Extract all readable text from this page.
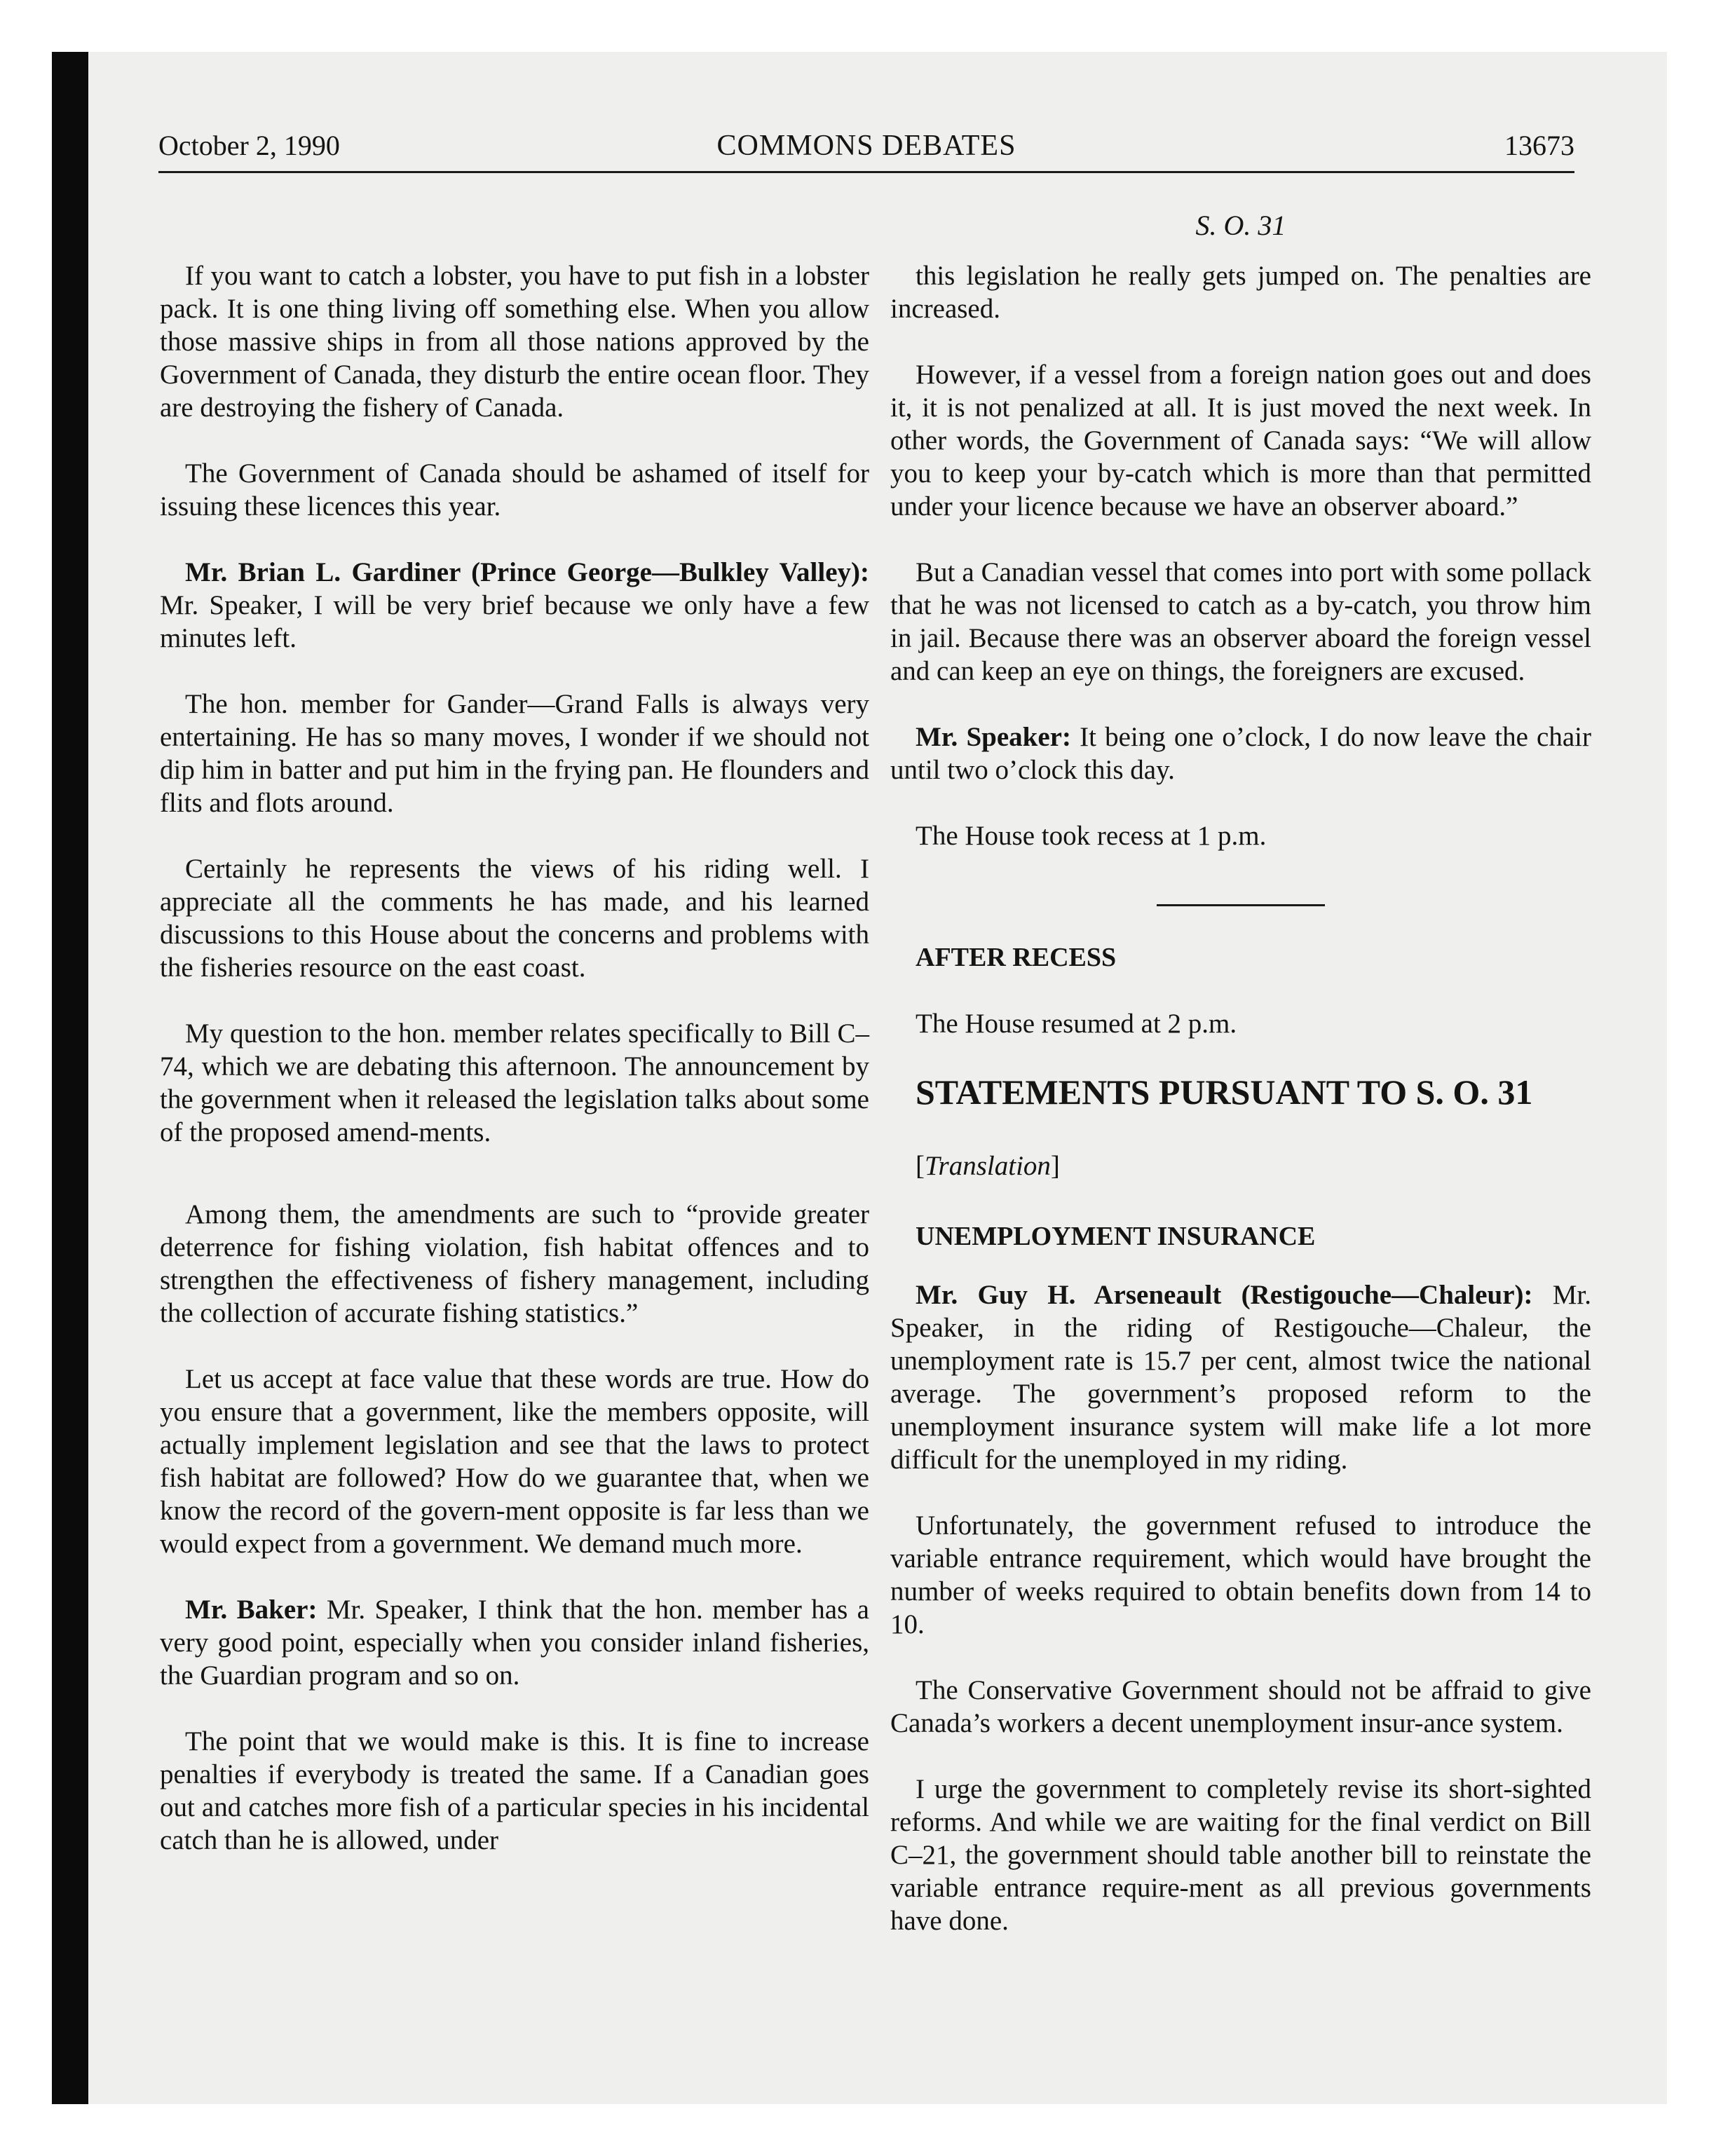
October 2, 1990	COMMONS DEBATES	13673
S. O. 31

If you want to catch a lobster, you have to put fish in a lobster pack. It is one thing living off something else. When you allow those massive ships in from all those nations approved by the Government of Canada, they disturb the entire ocean floor. They are destroying the fishery of Canada.

The Government of Canada should be ashamed of itself for issuing these licences this year.

Mr. Brian L. Gardiner (Prince George—Bulkley Valley): Mr. Speaker, I will be very brief because we only have a few minutes left.

The hon. member for Gander—Grand Falls is always very entertaining. He has so many moves, I wonder if we should not dip him in batter and put him in the frying pan. He flounders and flits and flots around.

Certainly he represents the views of his riding well. I appreciate all the comments he has made, and his learned discussions to this House about the concerns and problems with the fisheries resource on the east coast.

My question to the hon. member relates specifically to Bill C–74, which we are debating this afternoon. The announcement by the government when it released the legislation talks about some of the proposed amend-ments.

Among them, the amendments are such to “provide greater deterrence for fishing violation, fish habitat offences and to strengthen the effectiveness of fishery management, including the collection of accurate fishing statistics.”

Let us accept at face value that these words are true. How do you ensure that a government, like the members opposite, will actually implement legislation and see that the laws to protect fish habitat are followed? How do we guarantee that, when we know the record of the govern-ment opposite is far less than we would expect from a government. We demand much more.

Mr. Baker: Mr. Speaker, I think that the hon. member has a very good point, especially when you consider inland fisheries, the Guardian program and so on.

The point that we would make is this. It is fine to increase penalties if everybody is treated the same. If a Canadian goes out and catches more fish of a particular species in his incidental catch than he is allowed, under

this legislation he really gets jumped on. The penalties are increased.

However, if a vessel from a foreign nation goes out and does it, it is not penalized at all. It is just moved the next week. In other words, the Government of Canada says: “We will allow you to keep your by-catch which is more than that permitted under your licence because we have an observer aboard.”

But a Canadian vessel that comes into port with some pollack that he was not licensed to catch as a by-catch, you throw him in jail. Because there was an observer aboard the foreign vessel and can keep an eye on things, the foreigners are excused.

Mr. Speaker: It being one o’clock, I do now leave the chair until two o’clock this day.

The House took recess at 1 p.m.

AFTER RECESS

The House resumed at 2 p.m.

STATEMENTS PURSUANT TO S. O. 31

[Translation]

UNEMPLOYMENT INSURANCE

Mr. Guy H. Arseneault (Restigouche—Chaleur): Mr. Speaker, in the riding of Restigouche—Chaleur, the unemployment rate is 15.7 per cent, almost twice the national average. The government’s proposed reform to the unemployment insurance system will make life a lot more difficult for the unemployed in my riding.

Unfortunately, the government refused to introduce the variable entrance requirement, which would have brought the number of weeks required to obtain benefits down from 14 to 10.

The Conservative Government should not be affraid to give Canada’s workers a decent unemployment insur-ance system.

I urge the government to completely revise its short-sighted reforms. And while we are waiting for the final verdict on Bill C–21, the government should table another bill to reinstate the variable entrance require-ment as all previous governments have done.
